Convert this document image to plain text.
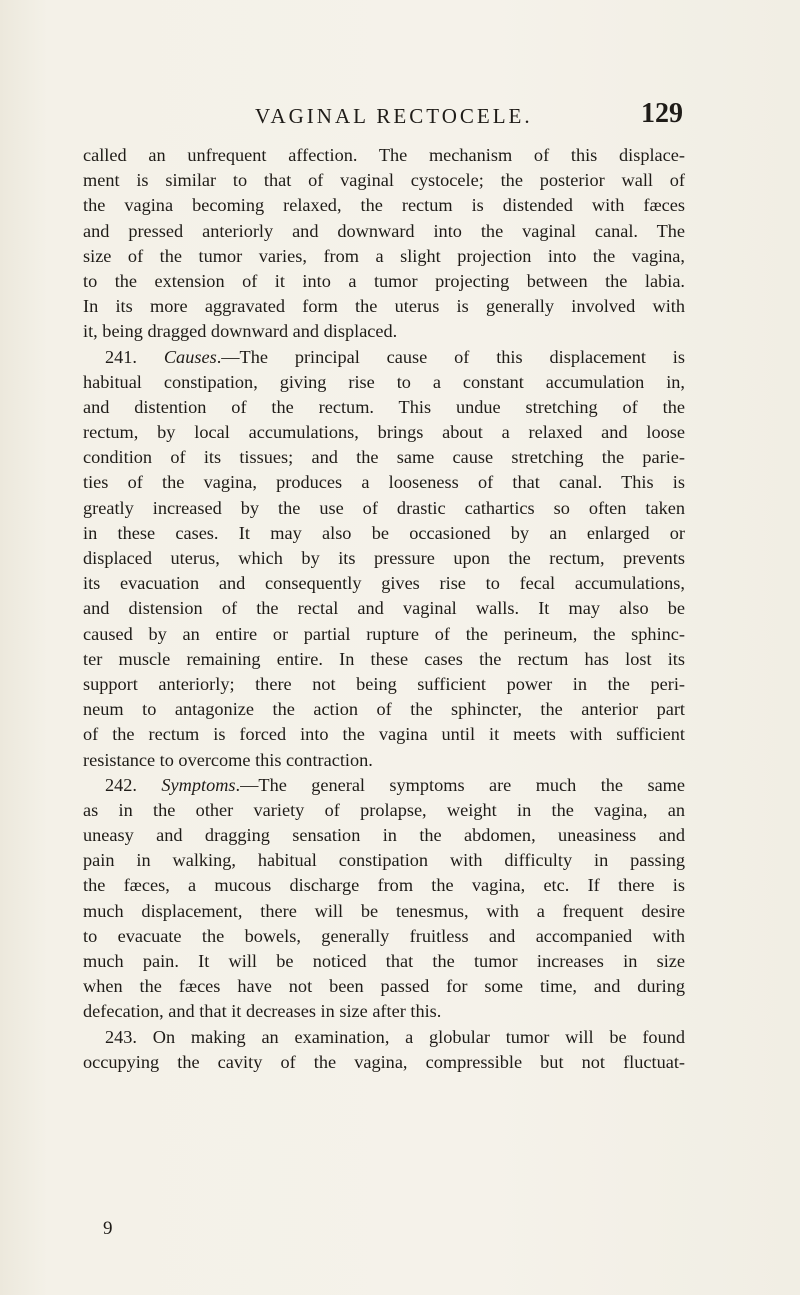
VAGINAL RECTOCELE.	129
called an unfrequent affection. The mechanism of this displace-
ment is similar to that of vaginal cystocele; the posterior wall of
the vagina becoming relaxed, the rectum is distended with fæces
and pressed anteriorly and downward into the vaginal canal. The
size of the tumor varies, from a slight projection into the vagina,
to the extension of it into a tumor projecting between the labia.
In its more aggravated form the uterus is generally involved with
it, being dragged downward and displaced.
241. Causes.—The principal cause of this displacement is
habitual constipation, giving rise to a constant accumulation in,
and distention of the rectum. This undue stretching of the
rectum, by local accumulations, brings about a relaxed and loose
condition of its tissues; and the same cause stretching the parie-
ties of the vagina, produces a looseness of that canal. This is
greatly increased by the use of drastic cathartics so often taken
in these cases. It may also be occasioned by an enlarged or
displaced uterus, which by its pressure upon the rectum, prevents
its evacuation and consequently gives rise to fecal accumulations,
and distension of the rectal and vaginal walls. It may also be
caused by an entire or partial rupture of the perineum, the sphinc-
ter muscle remaining entire. In these cases the rectum has lost its
support anteriorly; there not being sufficient power in the peri-
neum to antagonize the action of the sphincter, the anterior part
of the rectum is forced into the vagina until it meets with sufficient
resistance to overcome this contraction.
242. Symptoms.—The general symptoms are much the same
as in the other variety of prolapse, weight in the vagina, an
uneasy and dragging sensation in the abdomen, uneasiness and
pain in walking, habitual constipation with difficulty in passing
the fæces, a mucous discharge from the vagina, etc. If there is
much displacement, there will be tenesmus, with a frequent desire
to evacuate the bowels, generally fruitless and accompanied with
much pain. It will be noticed that the tumor increases in size
when the fæces have not been passed for some time, and during
defecation, and that it decreases in size after this.
243. On making an examination, a globular tumor will be found
occupying the cavity of the vagina, compressible but not fluctuat-
9
